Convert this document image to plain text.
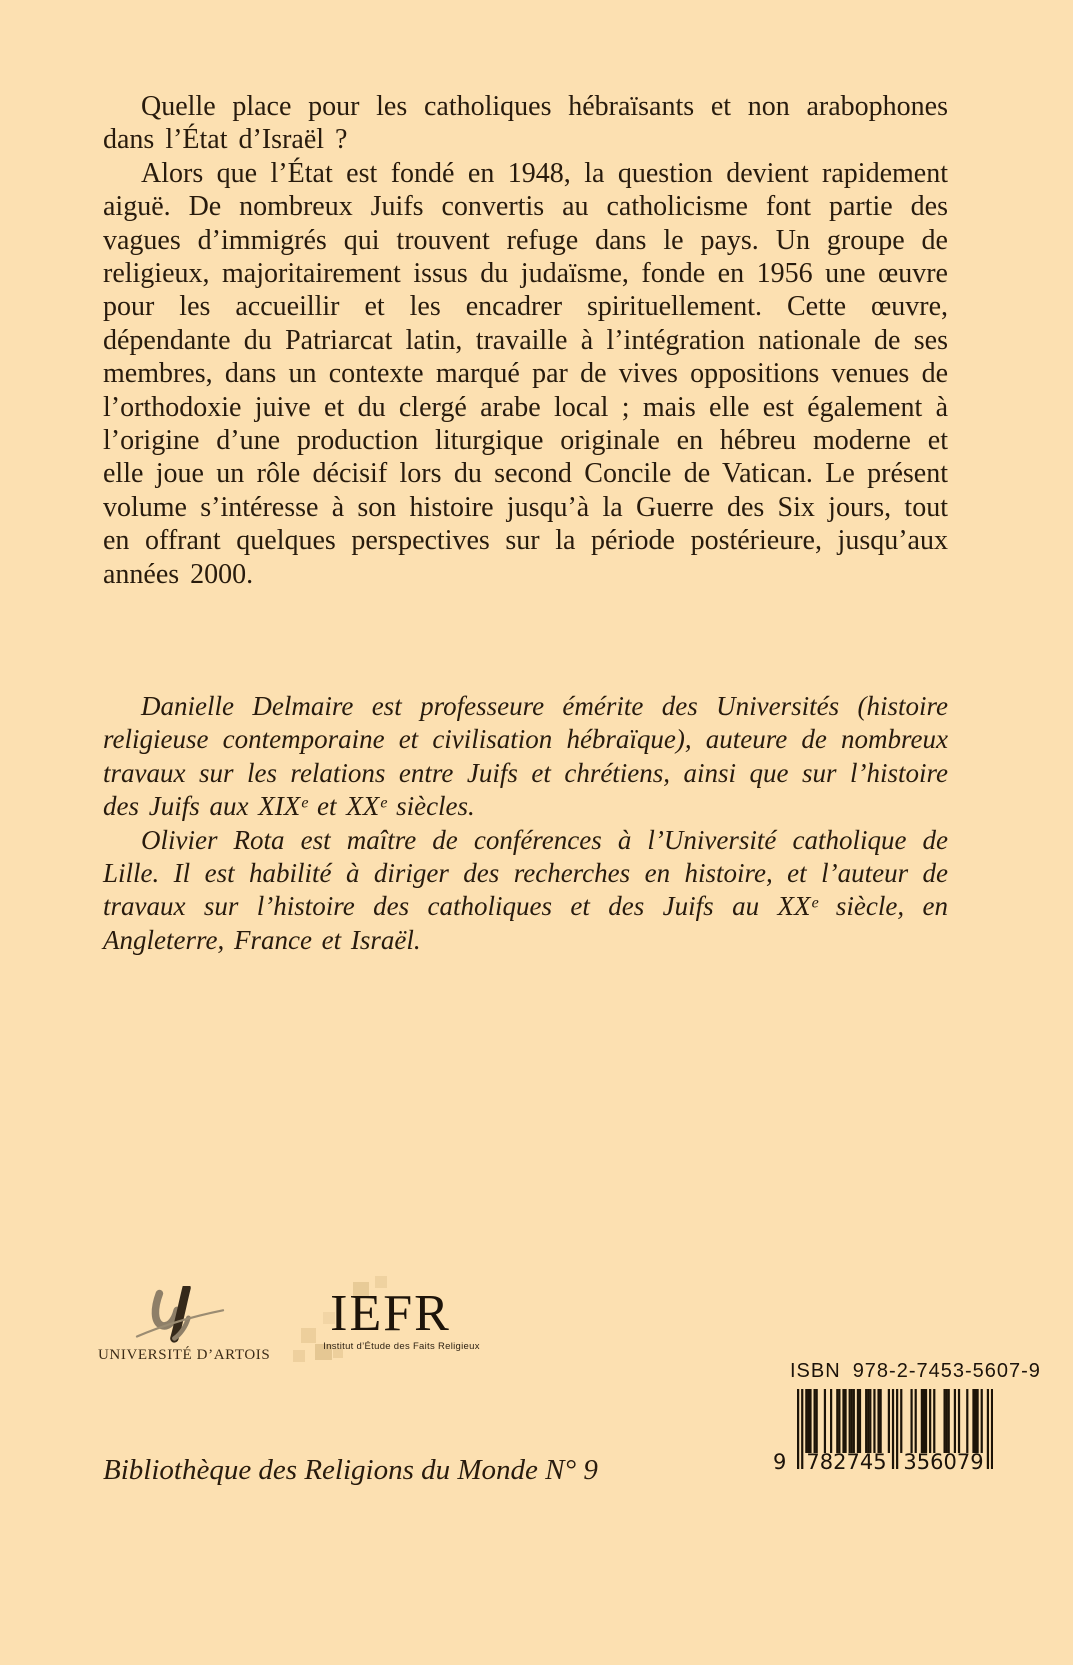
Quelle place pour les catholiques hébraïsants et non arabophones dans l’État d’Israël ?

Alors que l’État est fondé en 1948, la question devient rapidement aiguë. De nombreux Juifs convertis au catholicisme font partie des vagues d’immigrés qui trouvent refuge dans le pays. Un groupe de religieux, majoritairement issus du judaïsme, fonde en 1956 une œuvre pour les accueillir et les encadrer spirituellement. Cette œuvre, dépendante du Patriarcat latin, travaille à l’intégration nationale de ses membres, dans un contexte marqué par de vives oppositions venues de l’orthodoxie juive et du clergé arabe local ; mais elle est également à l’origine d’une production liturgique originale en hébreu moderne et elle joue un rôle décisif lors du second Concile de Vatican. Le présent volume s’intéresse à son histoire jusqu’à la Guerre des Six jours, tout en offrant quelques perspectives sur la période postérieure, jusqu’aux années 2000.

Danielle Delmaire est professeure émérite des Universités (histoire religieuse contemporaine et civilisation hébraïque), auteure de nombreux travaux sur les relations entre Juifs et chrétiens, ainsi que sur l’histoire des Juifs aux XIXᵉ et XXᵉ siècles.

Olivier Rota est maître de conférences à l’Université catholique de Lille. Il est habilité à diriger des recherches en histoire, et l’auteur de travaux sur l’histoire des catholiques et des Juifs au XXᵉ siècle, en Angleterre, France et Israël.

UNIVERSITÉ D’ARTOIS
IEFR
Institut d’Étude des Faits Religieux
ISBN 978-2-7453-5607-9
9 782745 356079
Bibliothèque des Religions du Monde N° 9
